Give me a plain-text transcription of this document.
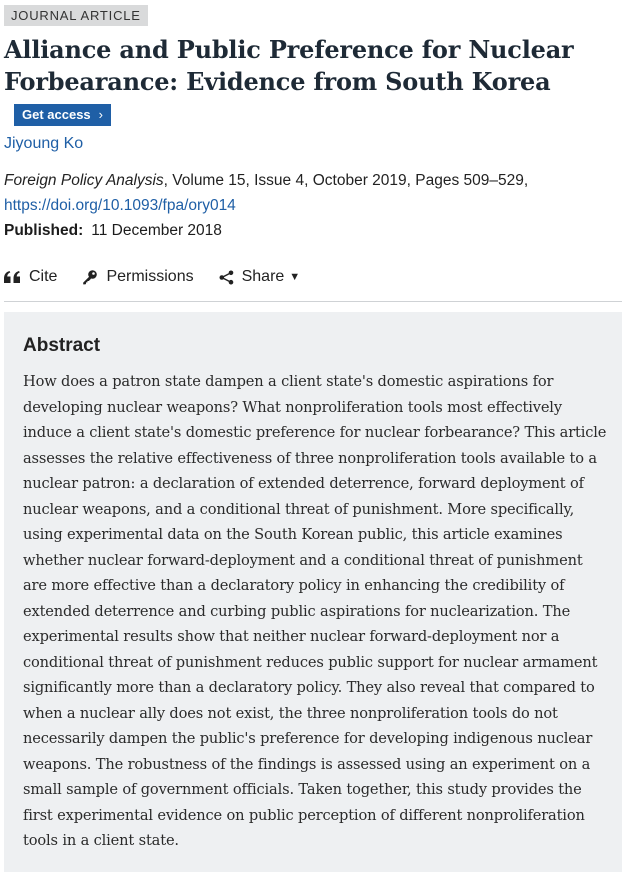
JOURNAL ARTICLE
Alliance and Public Preference for Nuclear
Forbearance: Evidence from South Korea Get access ›
Jiyoung Ko
Foreign Policy Analysis, Volume 15, Issue 4, October 2019, Pages 509–529,
https://doi.org/10.1093/fpa/ory014
Published: 11 December 2018
Cite	Permissions	Share ▼
Abstract

How does a patron state dampen a client state's domestic aspirations for developing nuclear weapons? What nonproliferation tools most effectively induce a client state's domestic preference for nuclear forbearance? This article assesses the relative effectiveness of three nonproliferation tools available to a nuclear patron: a declaration of extended deterrence, forward deployment of nuclear weapons, and a conditional threat of punishment. More specifically, using experimental data on the South Korean public, this article examines whether nuclear forward-deployment and a conditional threat of punishment are more effective than a declaratory policy in enhancing the credibility of extended deterrence and curbing public aspirations for nuclearization. The experimental results show that neither nuclear forward-deployment nor a conditional threat of punishment reduces public support for nuclear armament significantly more than a declaratory policy. They also reveal that compared to when a nuclear ally does not exist, the three nonproliferation tools do not necessarily dampen the public's preference for developing indigenous nuclear weapons. The robustness of the findings is assessed using an experiment on a small sample of government officials. Taken together, this study provides the first experimental evidence on public perception of different nonproliferation tools in a client state.
